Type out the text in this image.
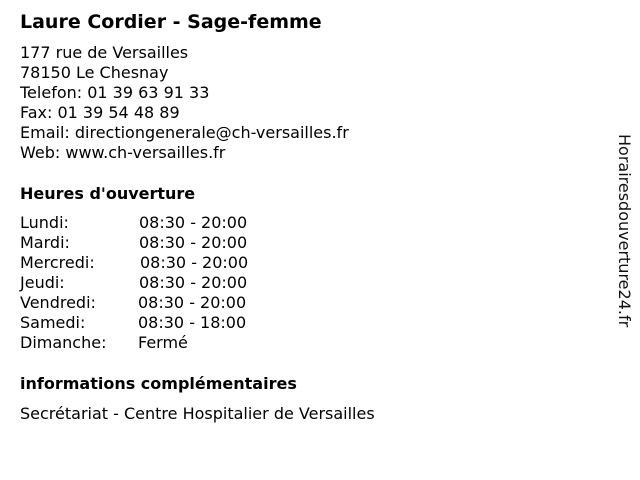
Laure Cordier - Sage-femme
177 rue de Versailles
78150 Le Chesnay
Telefon: 01 39 63 91 33
Fax: 01 39 54 48 89
Email: directiongenerale@ch-versailles.fr
Web: www.ch-versailles.fr
Heures d'ouverture
Lundi:	08:30 - 20:00
Mardi:	08:30 - 20:00
Mercredi:	08:30 - 20:00
Jeudi:	08:30 - 20:00
Vendredi:	08:30 - 20:00
Samedi:	08:30 - 18:00
Dimanche: Fermé
informations complémentaires
Secrétariat - Centre Hospitalier de Versailles
Horairesdouverture24.fr
